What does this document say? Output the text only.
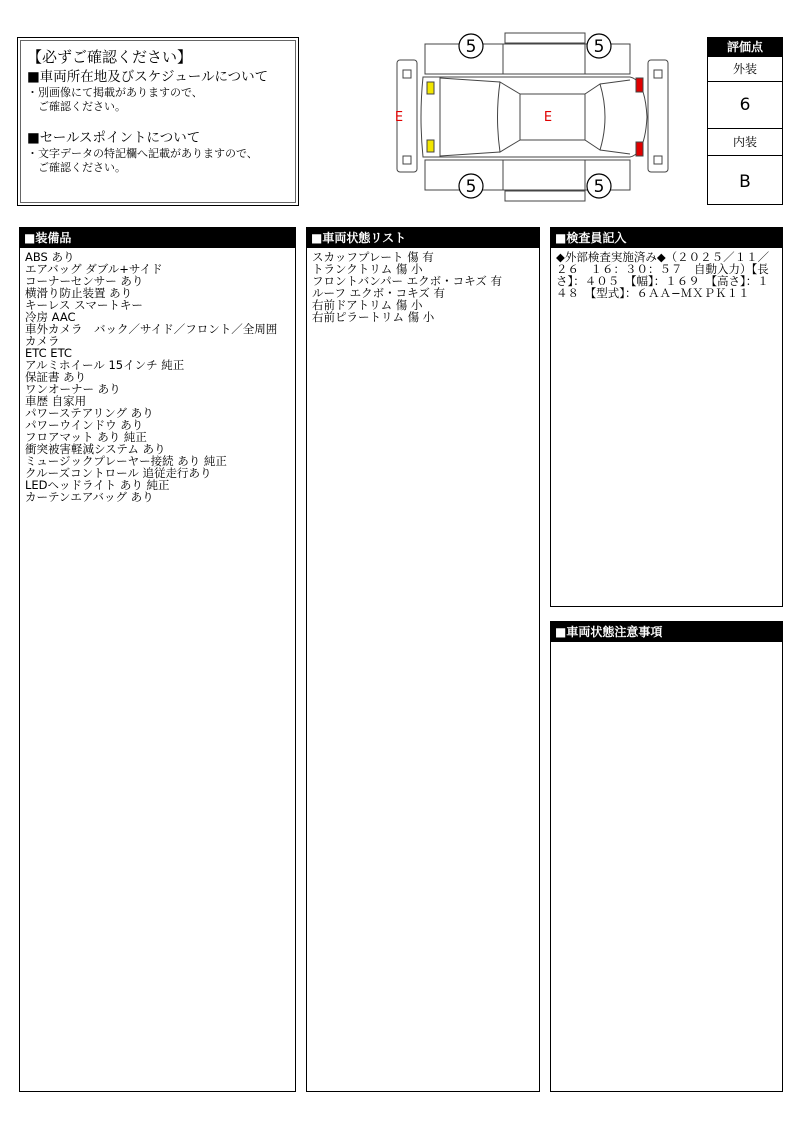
【必ずご確認ください】
■車両所在地及びスケジュールについて
・別画像にて掲載がありますので、
　ご確認ください。
■セールスポイントについて
・文字データの特記欄へ記載がありますので、
　ご確認ください。
5	5
5	5
E	E
評価点
外装
6
内装
B
■装備品
ABS あり
エアバッグ ダブル+サイド
コーナーセンサー あり
横滑り防止装置 あり
キーレス スマートキー
冷房 AAC
車外カメラ　バック／サイド／フロント／全周囲
カメラ
ETC ETC
アルミホイール 15インチ 純正
保証書 あり
ワンオーナー あり
車歴 自家用
パワーステアリング あり
パワーウインドウ あり
フロアマット あり 純正
衝突被害軽減システム あり
ミュージックプレーヤー接続 あり 純正
クルーズコントロール 追従走行あり
LEDヘッドライト あり 純正
カーテンエアバッグ あり
■車両状態リスト
スカッフプレート 傷 有
トランクトリム 傷 小
フロントバンパー エクボ・コキズ 有
ルーフ エクボ・コキズ 有
右前ドアトリム 傷 小
右前ピラートリム 傷 小
■検査員記入
◆外部検査実施済み◆（２０２５／１１／２６　１６：３０：５７　自動入力）【長さ】：４０５　【幅】：１６９　【高さ】：１４８　【型式】：６ＡＡ−ＭＸＰＫ１１
■車両状態注意事項
